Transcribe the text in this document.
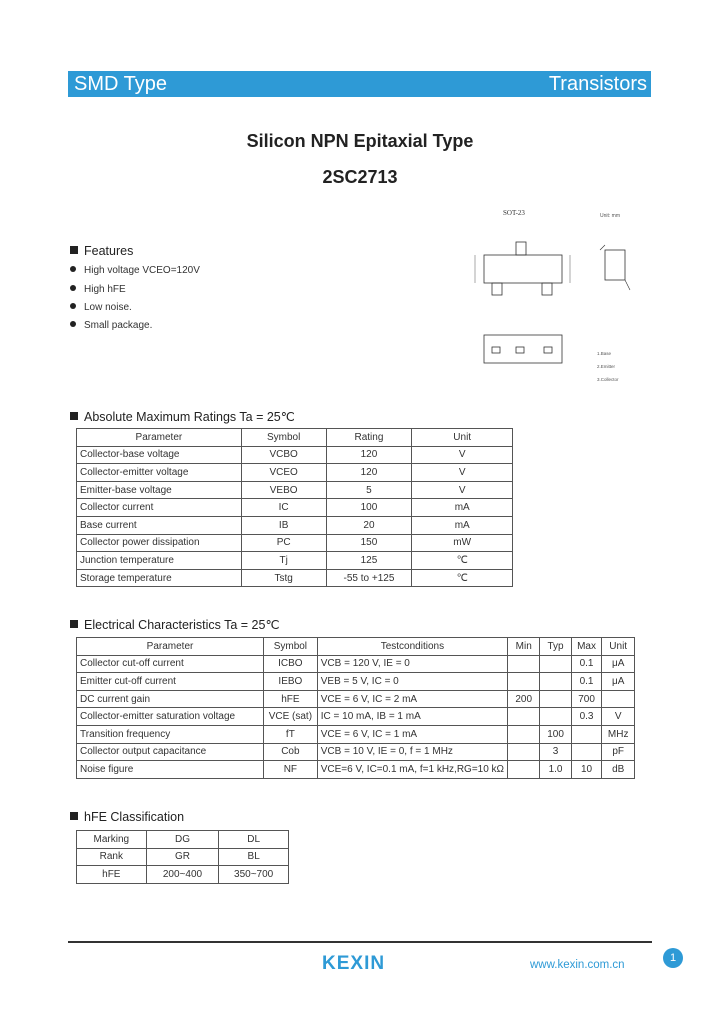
SMD Type	Transistors
Silicon NPN Epitaxial Type
2SC2713
SOT-23	Unit: mm
1.Base
2.Emitter
3.Collector
Features
High voltage VCEO=120V
High hFE
Low noise.
Small package.
Absolute Maximum Ratings Ta = 25℃
Parameter	Symbol	Rating	Unit
Collector-base voltage	VCBO	120	V
Collector-emitter voltage	VCEO	120	V
Emitter-base voltage	VEBO	5	V
Collector current	IC	100	mA
Base current	IB	20	mA
Collector power dissipation	PC	150	mW
Junction temperature	Tj	125	℃
Storage temperature	Tstg	-55 to +125	℃
Electrical Characteristics Ta = 25℃
Parameter	Symbol	Testconditions	Min	Typ	Max	Unit
Collector cut-off current	ICBO	VCB = 120 V, IE = 0			0.1	μA
Emitter cut-off current	IEBO	VEB = 5 V, IC = 0			0.1	μA
DC current gain	hFE	VCE = 6 V, IC = 2 mA	200		700	
Collector-emitter saturation voltage	VCE (sat)	IC = 10 mA, IB = 1 mA			0.3	V
Transition frequency	fT	VCE = 6 V, IC = 1 mA		100		MHz
Collector output capacitance	Cob	VCB = 10 V, IE = 0, f = 1 MHz		3		pF
Noise figure	NF	VCE=6 V, IC=0.1 mA, f=1 kHz,RG=10 kΩ		1.0	10	dB
hFE Classification
Marking	DG	DL
Rank	GR	BL
hFE	200~400	350~700
KEXIN	www.kexin.com.cn
1
